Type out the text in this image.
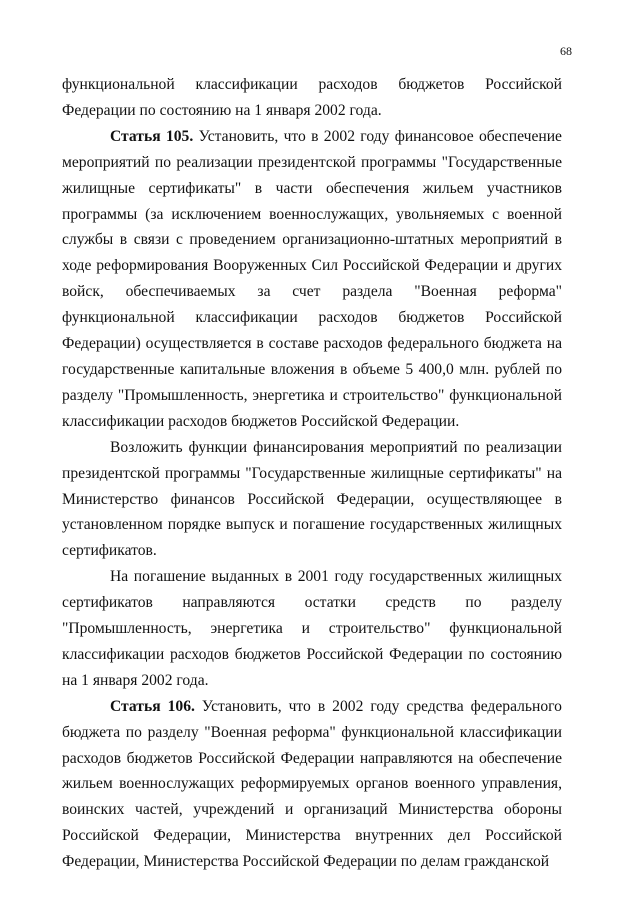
68

функциональной классификации расходов бюджетов Российской Федерации по состоянию на 1 января 2002 года.

Статья 105. Установить, что в 2002 году финансовое обеспечение мероприятий по реализации президентской программы "Государственные жилищные сертификаты" в части обеспечения жильем участников программы (за исключением военнослужащих, увольняемых с военной службы в связи с проведением организационно-штатных мероприятий в ходе реформирования Вооруженных Сил Российской Федерации и других войск, обеспечиваемых за счет раздела "Военная реформа" функциональной классификации расходов бюджетов Российской Федерации) осуществляется в составе расходов федерального бюджета на государственные капитальные вложения в объеме 5 400,0 млн. рублей по разделу "Промышленность, энергетика и строительство" функциональной классификации расходов бюджетов Российской Федерации.

Возложить функции финансирования мероприятий по реализации президентской программы "Государственные жилищные сертификаты" на Министерство финансов Российской Федерации, осуществляющее в установленном порядке выпуск и погашение государственных жилищных сертификатов.

На погашение выданных в 2001 году государственных жилищных сертификатов направляются остатки средств по разделу "Промышленность, энергетика и строительство" функциональной классификации расходов бюджетов Российской Федерации по состоянию на 1 января 2002 года.

Статья 106. Установить, что в 2002 году средства федерального бюджета по разделу "Военная реформа" функциональной классификации расходов бюджетов Российской Федерации направляются на обеспечение жильем военнослужащих реформируемых органов военного управления, воинских частей, учреждений и организаций Министерства обороны Российской Федерации, Министерства внутренних дел Российской Федерации, Министерства Российской Федерации по делам гражданской
